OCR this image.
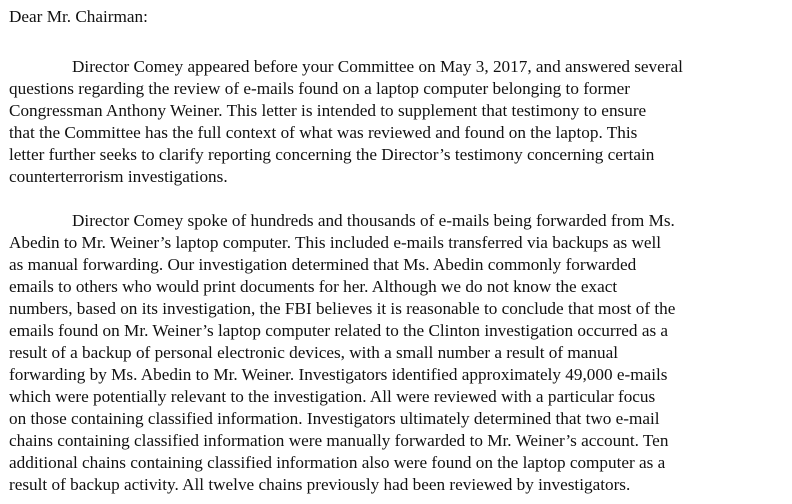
Dear Mr. Chairman:
Director Comey appeared before your Committee on May 3, 2017, and answered several
questions regarding the review of e-mails found on a laptop computer belonging to former
Congressman Anthony Weiner. This letter is intended to supplement that testimony to ensure
that the Committee has the full context of what was reviewed and found on the laptop. This
letter further seeks to clarify reporting concerning the Director’s testimony concerning certain
counterterrorism investigations.
Director Comey spoke of hundreds and thousands of e-mails being forwarded from Ms.
Abedin to Mr. Weiner’s laptop computer. This included e-mails transferred via backups as well
as manual forwarding. Our investigation determined that Ms. Abedin commonly forwarded
emails to others who would print documents for her. Although we do not know the exact
numbers, based on its investigation, the FBI believes it is reasonable to conclude that most of the
emails found on Mr. Weiner’s laptop computer related to the Clinton investigation occurred as a
result of a backup of personal electronic devices, with a small number a result of manual
forwarding by Ms. Abedin to Mr. Weiner. Investigators identified approximately 49,000 e-mails
which were potentially relevant to the investigation. All were reviewed with a particular focus
on those containing classified information. Investigators ultimately determined that two e-mail
chains containing classified information were manually forwarded to Mr. Weiner’s account. Ten
additional chains containing classified information also were found on the laptop computer as a
result of backup activity. All twelve chains previously had been reviewed by investigators.
